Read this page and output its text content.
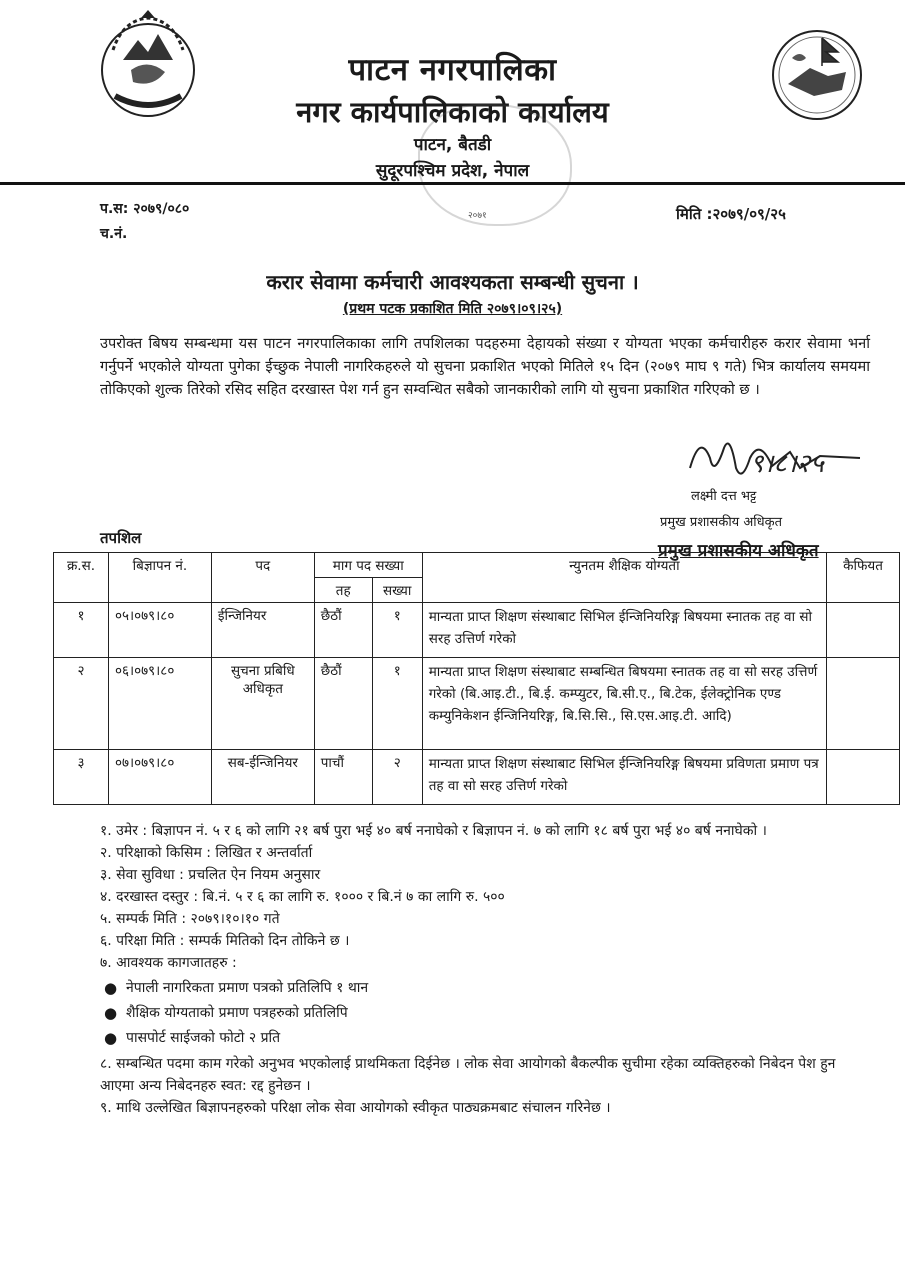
पाटन नगरपालिका
नगर कार्यपालिकाको कार्यालय
पाटन, बैतडी
सुदूरपश्चिम प्रदेश, नेपाल
२०७१
प.स: २०७९/०८०
च.नं.
मिति :२०७९/०९/२५
करार सेवामा कर्मचारी आवश्यकता सम्बन्धी सुचना ।
(प्रथम पटक प्रकाशित मिति २०७९।०९।२५)
उपरोक्त बिषय सम्बन्धमा यस पाटन नगरपालिकाका लागि तपशिलका पदहरुमा देहायको संख्या र योग्यता भएका कर्मचारीहरु करार सेवामा भर्ना गर्नुपर्ने भएकोले योग्यता पुगेका ईच्छुक नेपाली नागरिकहरुले यो सुचना प्रकाशित भएको मितिले १५ दिन (२०७९ माघ ९ गते) भित्र कार्यालय समयमा तोकिएको शुल्क तिरेको रसिद सहित दरखास्त पेश गर्न हुन सम्वन्धित सबैको जानकारीको लागि यो सुचना प्रकाशित गरिएको छ ।
९।८।२५
लक्ष्मी दत्त भट्ट
प्रमुख प्रशासकीय अधिकृत
प्रमुख प्रशासकीय अधिकृत
तपशिल
क्र.स.	बिज्ञापन नं.	पद	माग पद सख्या		न्युनतम शैक्षिक योग्यता	कैफियत
			तह	सख्या		
१	०५।०७९।८०	ईन्जिनियर	छैठौं	१	मान्यता प्राप्त शिक्षण संस्थाबाट सिभिल ईन्जिनियरिङ्ग बिषयमा स्नातक तह वा सो सरह उत्तिर्ण गरेको	
२	०६।०७९।८०	सुचना प्रबिधि अधिकृत	छैठौं	१	मान्यता प्राप्त शिक्षण संस्थाबाट सम्बन्धित बिषयमा स्नातक तह वा सो सरह उत्तिर्ण गरेको (बि.आइ.टी., बि.ई. कम्प्युटर, बि.सी.ए., बि.टेक, ईलेक्ट्रोनिक एण्ड कम्युनिकेशन ईन्जिनियरिङ्ग, बि.सि.सि., सि.एस.आइ.टी. आदि)	
३	०७।०७९।८०	सब-ईन्जिनियर	पाचौं	२	मान्यता प्राप्त शिक्षण संस्थाबाट सिभिल ईन्जिनियरिङ्ग बिषयमा प्रविणता प्रमाण पत्र तह वा सो सरह उत्तिर्ण गरेको	

१. उमेर : बिज्ञापन नं. ५ र ६ को लागि २१ बर्ष पुरा भई ४० बर्ष ननाघेको र बिज्ञापन नं. ७ को लागि १८ बर्ष पुरा भई ४० बर्ष ननाघेको ।

२. परिक्षाको किसिम : लिखित र अन्तर्वार्ता

३. सेवा सुविधा : प्रचलित ऐन नियम अनुसार

४. दरखास्त दस्तुर : बि.नं. ५ र ६ का लागि रु. १००० र बि.नं ७ का लागि रु. ५००

५. सम्पर्क मिति : २०७९।१०।१० गते

६. परिक्षा मिति : सम्पर्क मितिको दिन तोकिने छ ।

७. आवश्यक कागजातहरु :

● नेपाली नागरिकता प्रमाण पत्रको प्रतिलिपि १ थान
● शैक्षिक योग्यताको प्रमाण पत्रहरुको प्रतिलिपि
● पासपोर्ट साईजको फोटो २ प्रति

८. सम्बन्धित पदमा काम गरेको अनुभव भएकोलाई प्राथमिकता दिईनेछ । लोक सेवा आयोगको बैकल्पीक सुचीमा रहेका व्यक्तिहरुको निबेदन पेश हुन आएमा अन्य निबेदनहरु स्वत: रद्द हुनेछन ।

९. माथि उल्लेखित बिज्ञापनहरुको परिक्षा लोक सेवा आयोगको स्वीकृत पाठ्यक्रमबाट संचालन गरिनेछ ।
